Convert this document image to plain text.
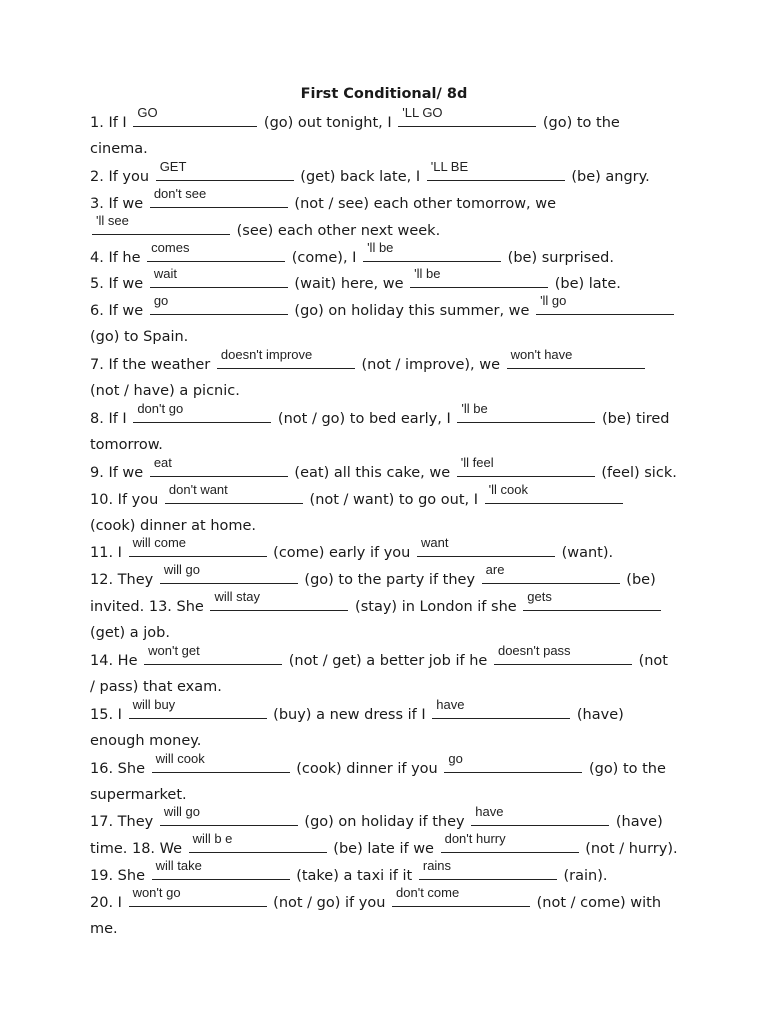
First Conditional/ 8d
1. If I
GO
(go) out tonight, I
'LL GO
(go) to the
cinema.
2. If you
GET
(get) back late, I
'LL BE
(be) angry.
3. If we
don't see
(not / see) each other tomorrow, we
'll see
(see) each other next week.
4. If he
comes
(come), I
'll be
(be) surprised.
5. If we
wait
(wait) here, we
'll be
(be) late.
6. If we
go
(go) on holiday this summer, we
'll go
(go) to Spain.
7. If the weather
doesn't improve
(not / improve), we
won't have
(not / have) a picnic.
8. If I
don't go
(not / go) to bed early, I
'll be
(be) tired
tomorrow.
9. If we
eat
(eat) all this cake, we
'll feel
(feel) sick.
10. If you
don't want
(not / want) to go out, I
'll cook
(cook) dinner at home.
11. I
will come
(come) early if you
want
(want).
12. They
will go
(go) to the party if they
are
(be)
invited. 13. She
will stay
(stay) in London if she
gets
(get) a job.
14. He
won't get
(not / get) a better job if he
doesn't pass
(not
/ pass) that exam.
15. I
will buy
(buy) a new dress if I
have
(have)
enough money.
16. She
will cook
(cook) dinner if you
go
(go) to the
supermarket.
17. They
will go
(go) on holiday if they
have
(have)
time. 18. We
will b e
(be) late if we
don't hurry
(not / hurry).
19. She
will take
(take) a taxi if it
rains
(rain).
20. I
won't go
(not / go) if you
don't come
(not / come) with
me.
